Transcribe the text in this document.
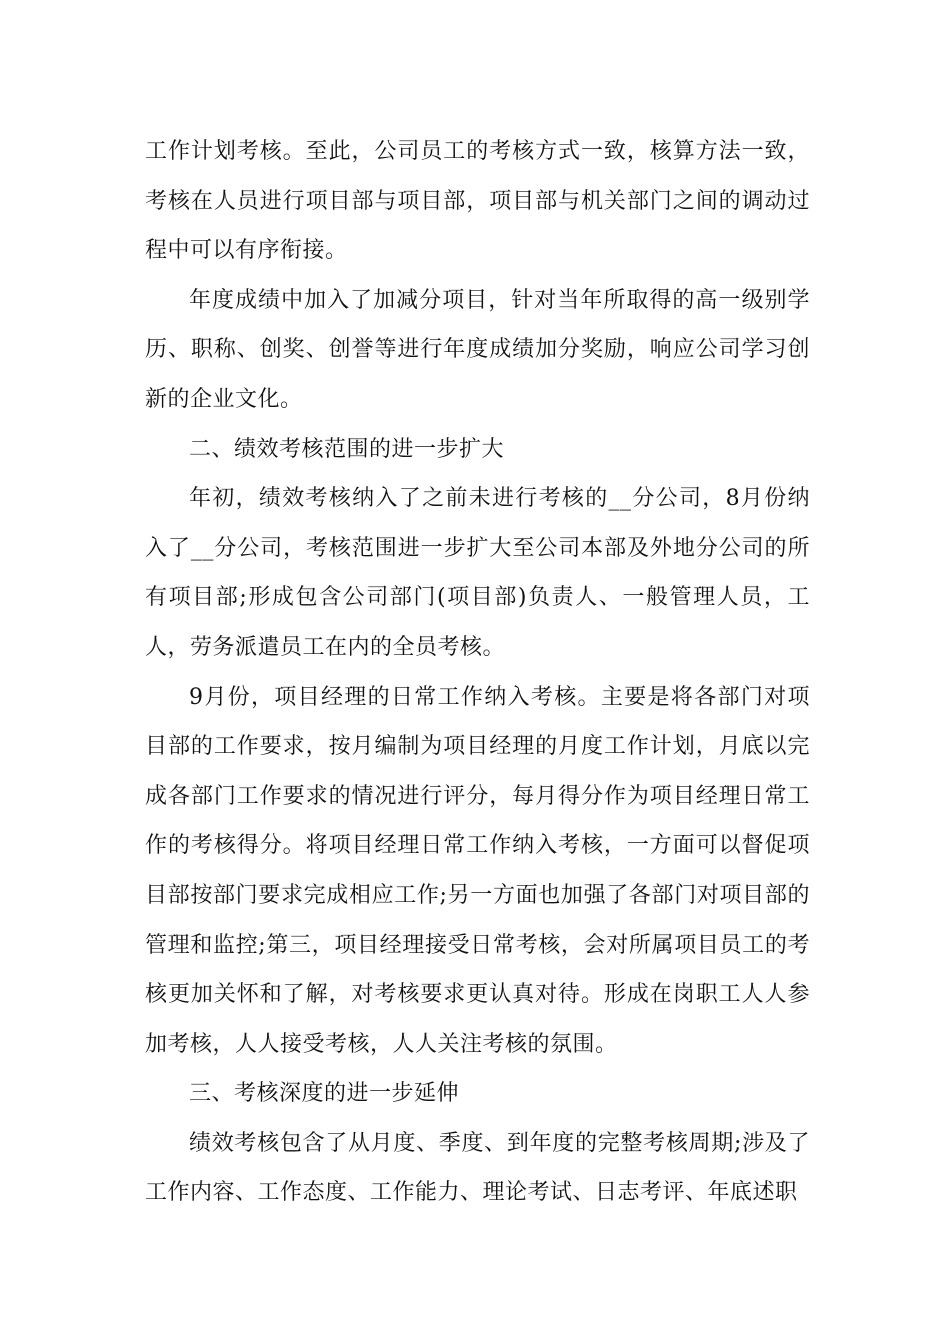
工作计划考核。至此，公司员工的考核方式一致，核算方法一致，考核在人员进行项目部与项目部，项目部与机关部门之间的调动过程中可以有序衔接。

年度成绩中加入了加减分项目，针对当年所取得的高一级别学历、职称、创奖、创誉等进行年度成绩加分奖励，响应公司学习创新的企业文化。

二、绩效考核范围的进一步扩大

年初，绩效考核纳入了之前未进行考核的__分公司，8月份纳入了__分公司，考核范围进一步扩大至公司本部及外地分公司的所有项目部;形成包含公司部门(项目部)负责人、一般管理人员，工人，劳务派遣员工在内的全员考核。

9月份，项目经理的日常工作纳入考核。主要是将各部门对项目部的工作要求，按月编制为项目经理的月度工作计划，月底以完成各部门工作要求的情况进行评分，每月得分作为项目经理日常工作的考核得分。将项目经理日常工作纳入考核，一方面可以督促项目部按部门要求完成相应工作;另一方面也加强了各部门对项目部的管理和监控;第三，项目经理接受日常考核，会对所属项目员工的考核更加关怀和了解，对考核要求更认真对待。形成在岗职工人人参加考核，人人接受考核，人人关注考核的氛围。

三、考核深度的进一步延伸

绩效考核包含了从月度、季度、到年度的完整考核周期;涉及了工作内容、工作态度、工作能力、理论考试、日志考评、年底述职
